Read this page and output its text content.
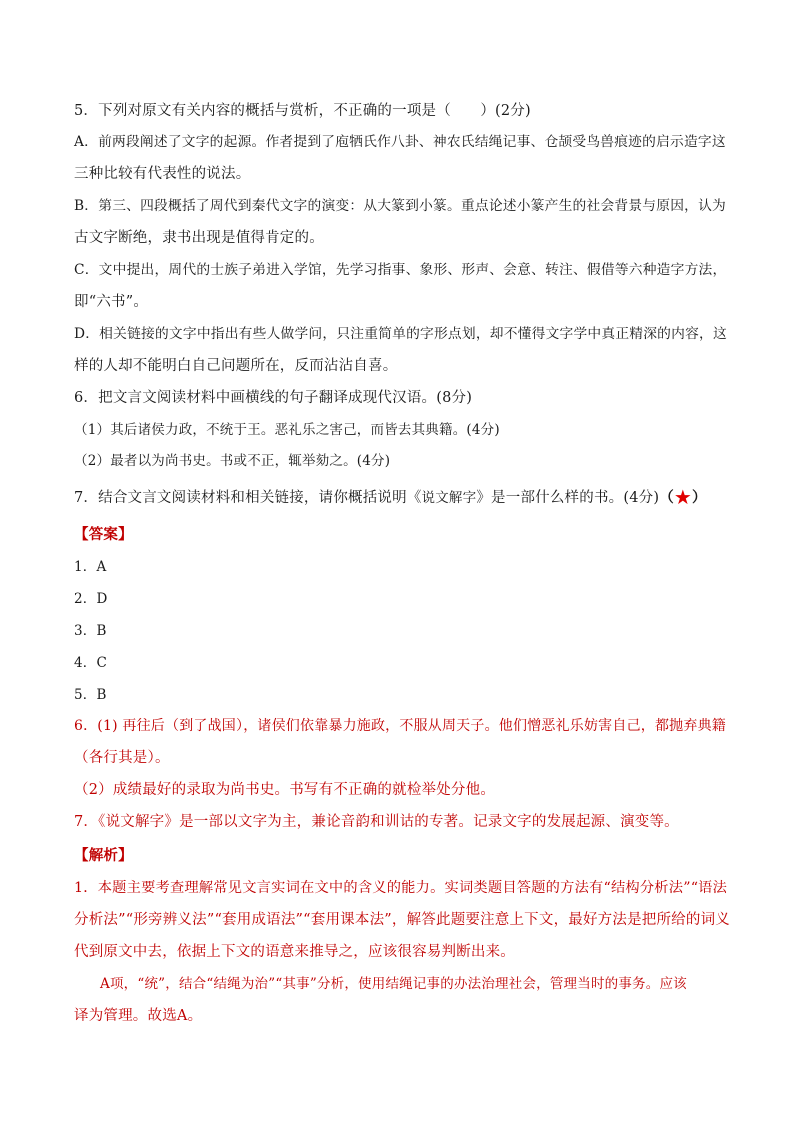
5．下列对原文有关内容的概括与赏析，不正确的一项是（　　）(2分)
A．前两段阐述了文字的起源。作者提到了庖牺氏作八卦、神农氏结绳记事、仓颉受鸟兽痕迹的启示造字这
三种比较有代表性的说法。
B．第三、四段概括了周代到秦代文字的演变：从大篆到小篆。重点论述小篆产生的社会背景与原因，认为
古文字断绝，隶书出现是值得肯定的。
C．文中提出，周代的士族子弟进入学馆，先学习指事、象形、形声、会意、转注、假借等六种造字方法，
即“六书”。
D．相关链接的文字中指出有些人做学问，只注重简单的字形点划，却不懂得文字学中真正精深的内容，这
样的人却不能明白自己问题所在，反而沾沾自喜。
6．把文言文阅读材料中画横线的句子翻译成现代汉语。(8分)
（1）其后诸侯力政，不统于王。恶礼乐之害己，而皆去其典籍。(4分)
（2）最者以为尚书史。书或不正，辄举劾之。(4分)
7．结合文言文阅读材料和相关链接，请你概括说明《说文解字》是一部什么样的书。(4分)（★）
【答案】
1．A
2．D
3．B
4．C
5．B
6．(1) 再往后（到了战国），诸侯们依靠暴力施政，不服从周天子。他们憎恶礼乐妨害自己，都抛弃典籍
（各行其是）。
（2）成绩最好的录取为尚书史。书写有不正确的就检举处分他。
7．《说文解字》是一部以文字为主，兼论音韵和训诂的专著。记录文字的发展起源、演变等。
【解析】
1．本题主要考查理解常见文言实词在文中的含义的能力。实词类题目答题的方法有“结构分析法”“语法
分析法”“形旁辨义法”“套用成语法”“套用课本法”，解答此题要注意上下文，最好方法是把所给的词义
代到原文中去，依据上下文的语意来推导之，应该很容易判断出来。
A项，“统”，结合“结绳为治”“其事”分析，使用结绳记事的办法治理社会，管理当时的事务。应该
译为管理。故选A。
